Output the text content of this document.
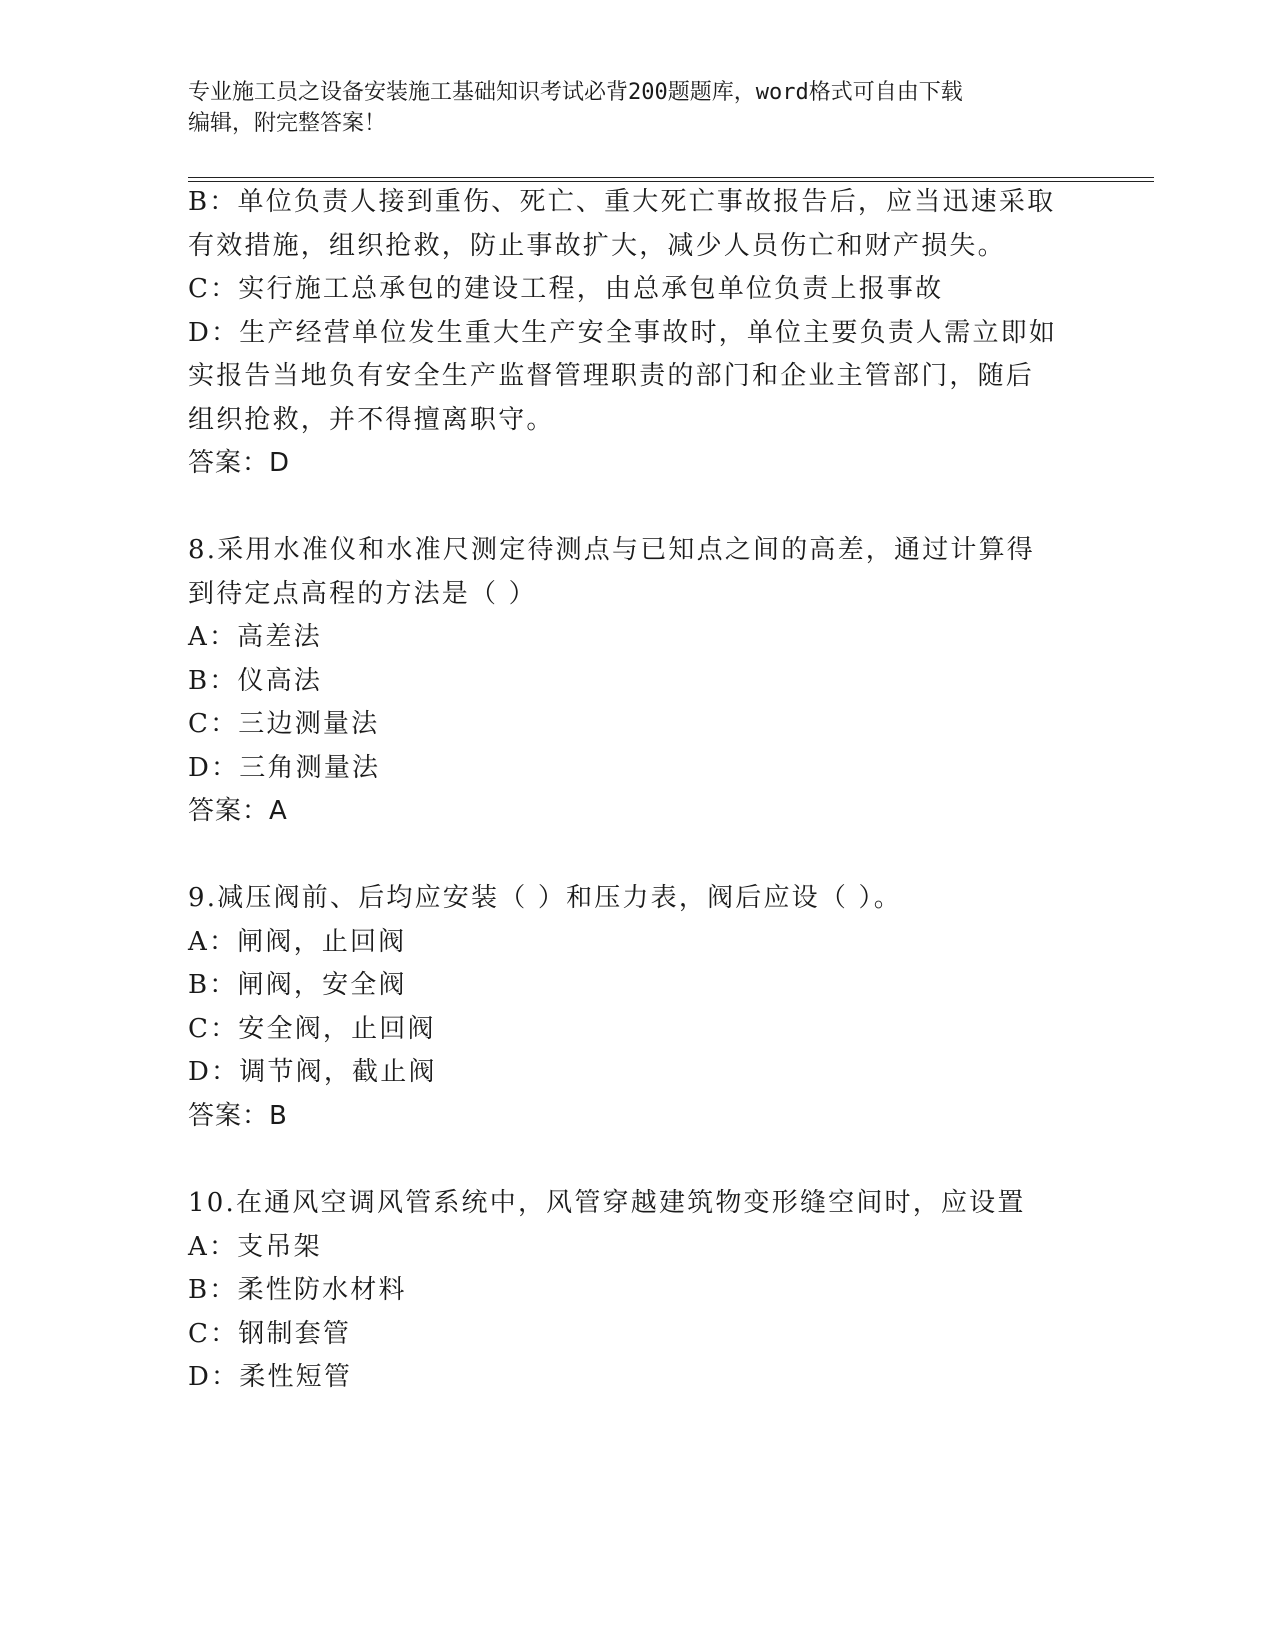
专业施工员之设备安装施工基础知识考试必背200题题库，word格式可自由下载
编辑，附完整答案！
B：单位负责人接到重伤、死亡、重大死亡事故报告后，应当迅速采取
有效措施，组织抢救，防止事故扩大，减少人员伤亡和财产损失。
C：实行施工总承包的建设工程，由总承包单位负责上报事故
D：生产经营单位发生重大生产安全事故时，单位主要负责人需立即如
实报告当地负有安全生产监督管理职责的部门和企业主管部门，随后
组织抢救，并不得擅离职守。
答案：D
8.采用水准仪和水准尺测定待测点与已知点之间的高差，通过计算得
到待定点高程的方法是（ ）
A：高差法
B：仪高法
C：三边测量法
D：三角测量法
答案：A
9.减压阀前、后均应安装（ ）和压力表，阀后应设（ ）。
A：闸阀，止回阀
B：闸阀，安全阀
C：安全阀，止回阀
D：调节阀，截止阀
答案：B
10.在通风空调风管系统中，风管穿越建筑物变形缝空间时，应设置
A：支吊架
B：柔性防水材料
C：钢制套管
D：柔性短管
